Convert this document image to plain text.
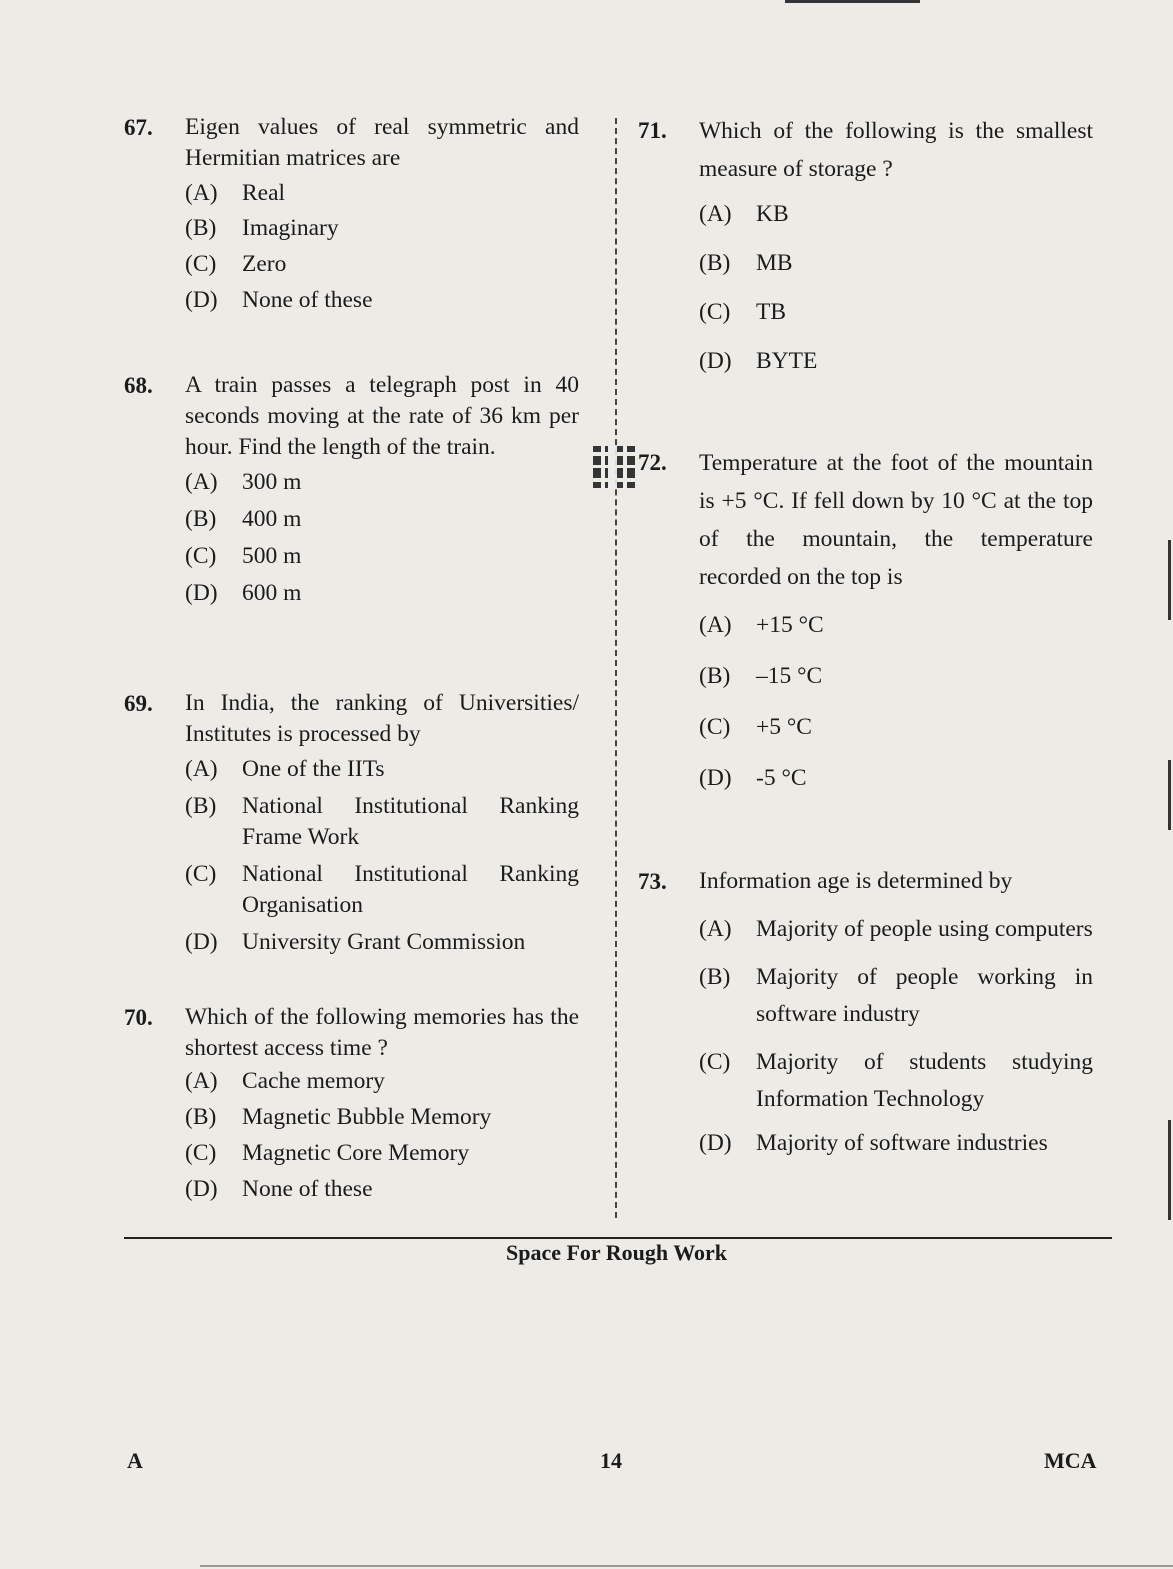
67. Eigen values of real symmetric and Hermitian matrices are
(A)	Real
(B)	Imaginary
(C)	Zero
(D)	None of these
68. A train passes a telegraph post in 40 seconds moving at the rate of 36 km per hour. Find the length of the train.
(A)	300 m
(B)	400 m
(C)	500 m
(D)	600 m
69. In India, the ranking of Universities/ Institutes is processed by
(A)	One of the IITs
(B)	National Institutional Ranking Frame Work
(C)	National Institutional Ranking Organisation
(D)	University Grant Commission
70. Which of the following memories has the shortest access time ?
(A)	Cache memory
(B)	Magnetic Bubble Memory
(C)	Magnetic Core Memory
(D)	None of these
71. Which of the following is the smallest measure of storage ?
(A)	KB
(B)	MB
(C)	TB
(D)	BYTE
72. Temperature at the foot of the mountain is +5 °C. If fell down by 10 °C at the top of the mountain, the temperature recorded on the top is
(A)	+15 °C
(B)	–15 °C
(C)	+5 °C
(D)	-5 °C
73. Information age is determined by
(A)	Majority of people using computers
(B)	Majority of people working in software industry
(C)	Majority of students studying Information Technology
(D)	Majority of software industries
Space For Rough Work
A	14	MCA
